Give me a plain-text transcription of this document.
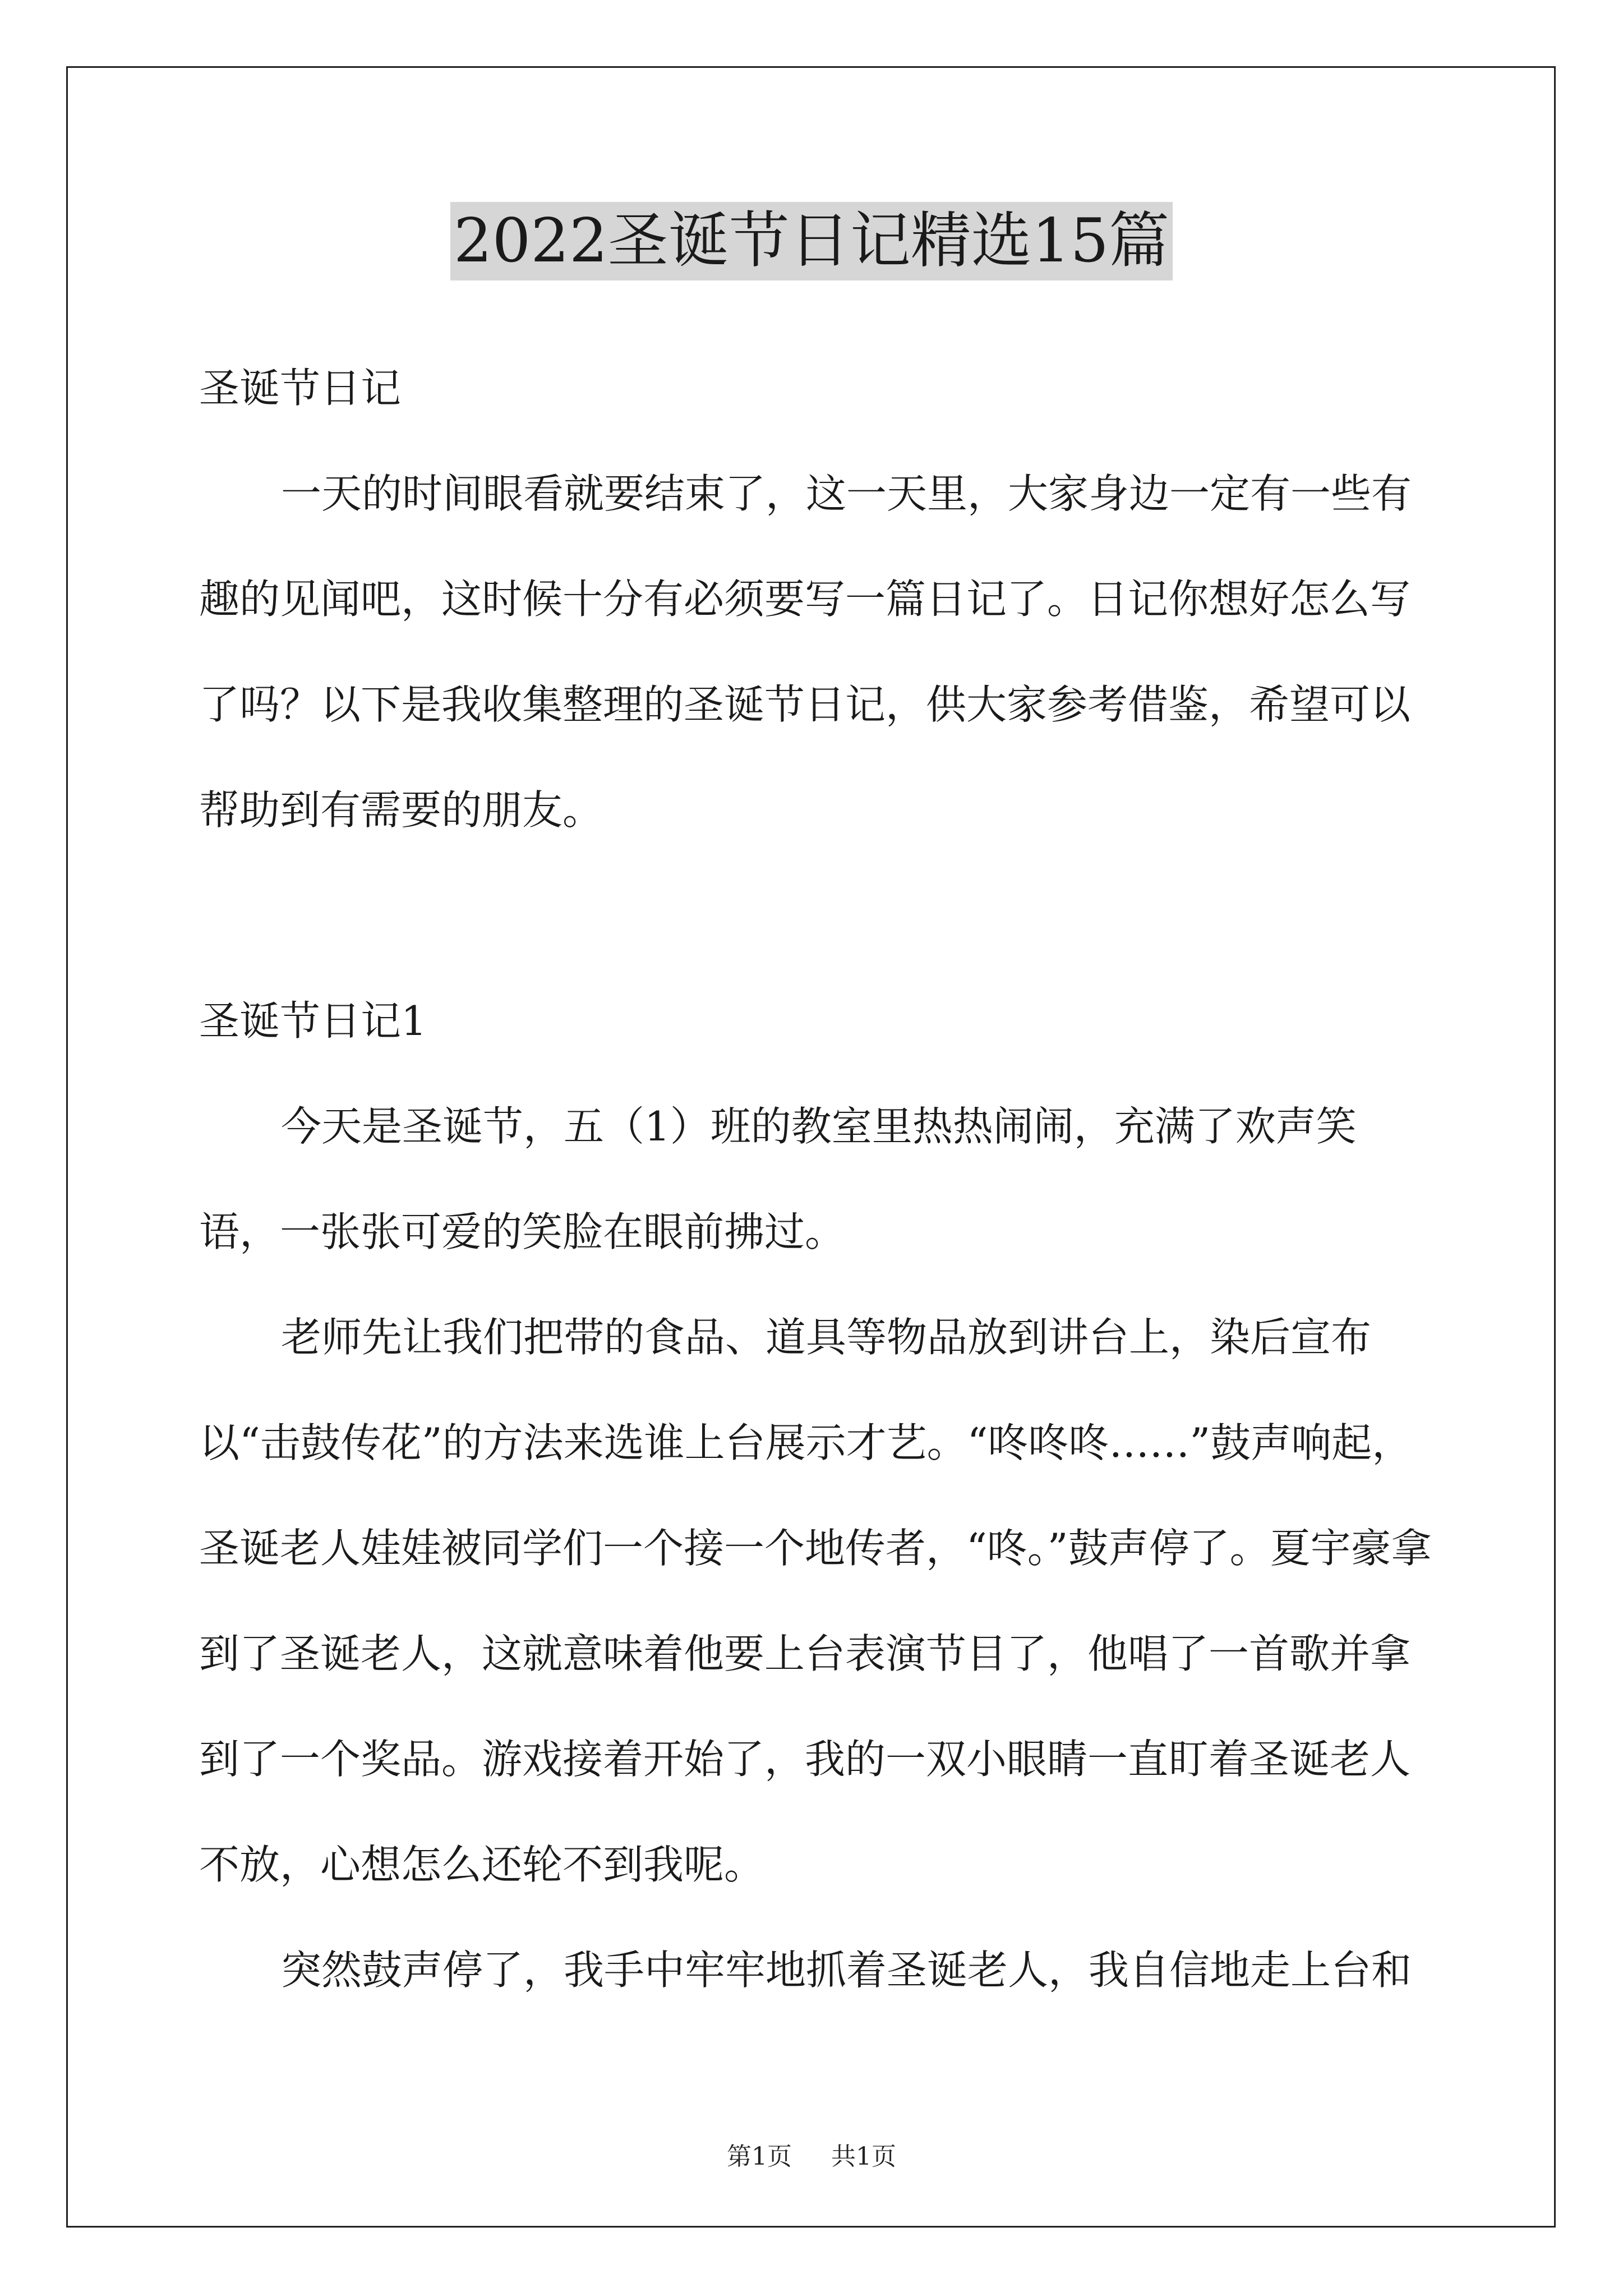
2022圣诞节日记精选15篇

圣诞节日记

一天的时间眼看就要结束了，这一天里，大家身边一定有一些有趣的见闻吧，这时候十分有必须要写一篇日记了。日记你想好怎么写了吗？以下是我收集整理的圣诞节日记，供大家参考借鉴，希望可以帮助到有需要的朋友。

圣诞节日记1

今天是圣诞节，五（1）班的教室里热热闹闹，充满了欢声笑语，一张张可爱的笑脸在眼前拂过。

老师先让我们把带的食品、道具等物品放到讲台上，染后宣布以“击鼓传花”的方法来选谁上台展示才艺。“咚咚咚……”鼓声响起，圣诞老人娃娃被同学们一个接一个地传者，“咚。”鼓声停了。夏宇豪拿到了圣诞老人，这就意味着他要上台表演节目了，他唱了一首歌并拿到了一个奖品。游戏接着开始了，我的一双小眼睛一直盯着圣诞老人不放，心想怎么还轮不到我呢。

突然鼓声停了，我手中牢牢地抓着圣诞老人，我自信地走上台和

第1页 共1页
